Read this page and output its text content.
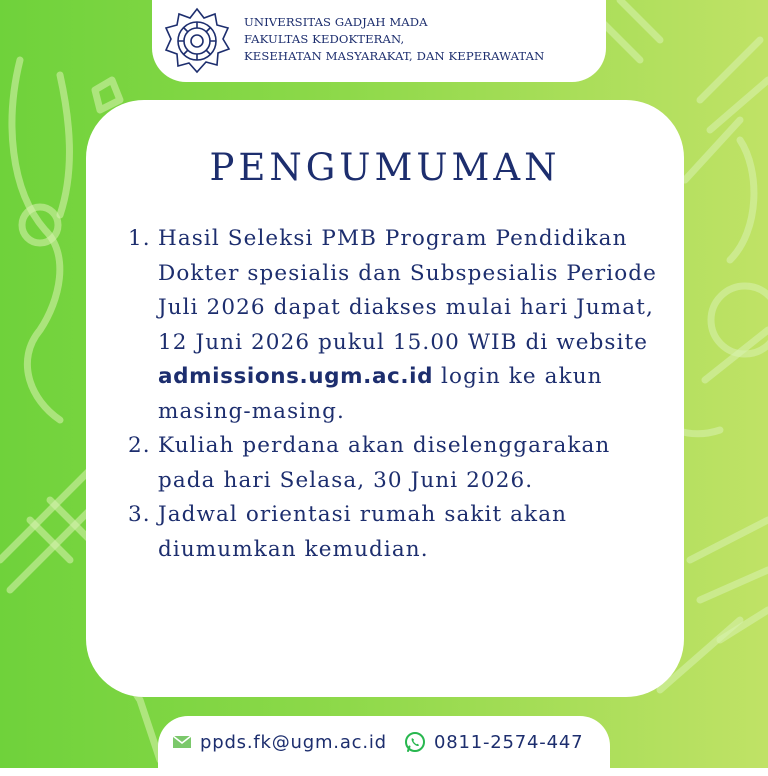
UNIVERSITAS GADJAH MADA
FAKULTAS KEDOKTERAN,
KESEHATAN MASYARAKAT, DAN KEPERAWATAN
PENGUMUMAN
1. Hasil Seleksi PMB Program Pendidikan Dokter spesialis dan Subspesialis Periode Juli 2026 dapat diakses mulai hari Jumat, 12 Juni 2026 pukul 15.00 WIB di website admissions.ugm.ac.id login ke akun masing-masing.
2. Kuliah perdana akan diselenggarakan pada hari Selasa, 30 Juni 2026.
3. Jadwal orientasi rumah sakit akan diumumkan kemudian.
ppds.fk@ugm.ac.id	0811-2574-447
